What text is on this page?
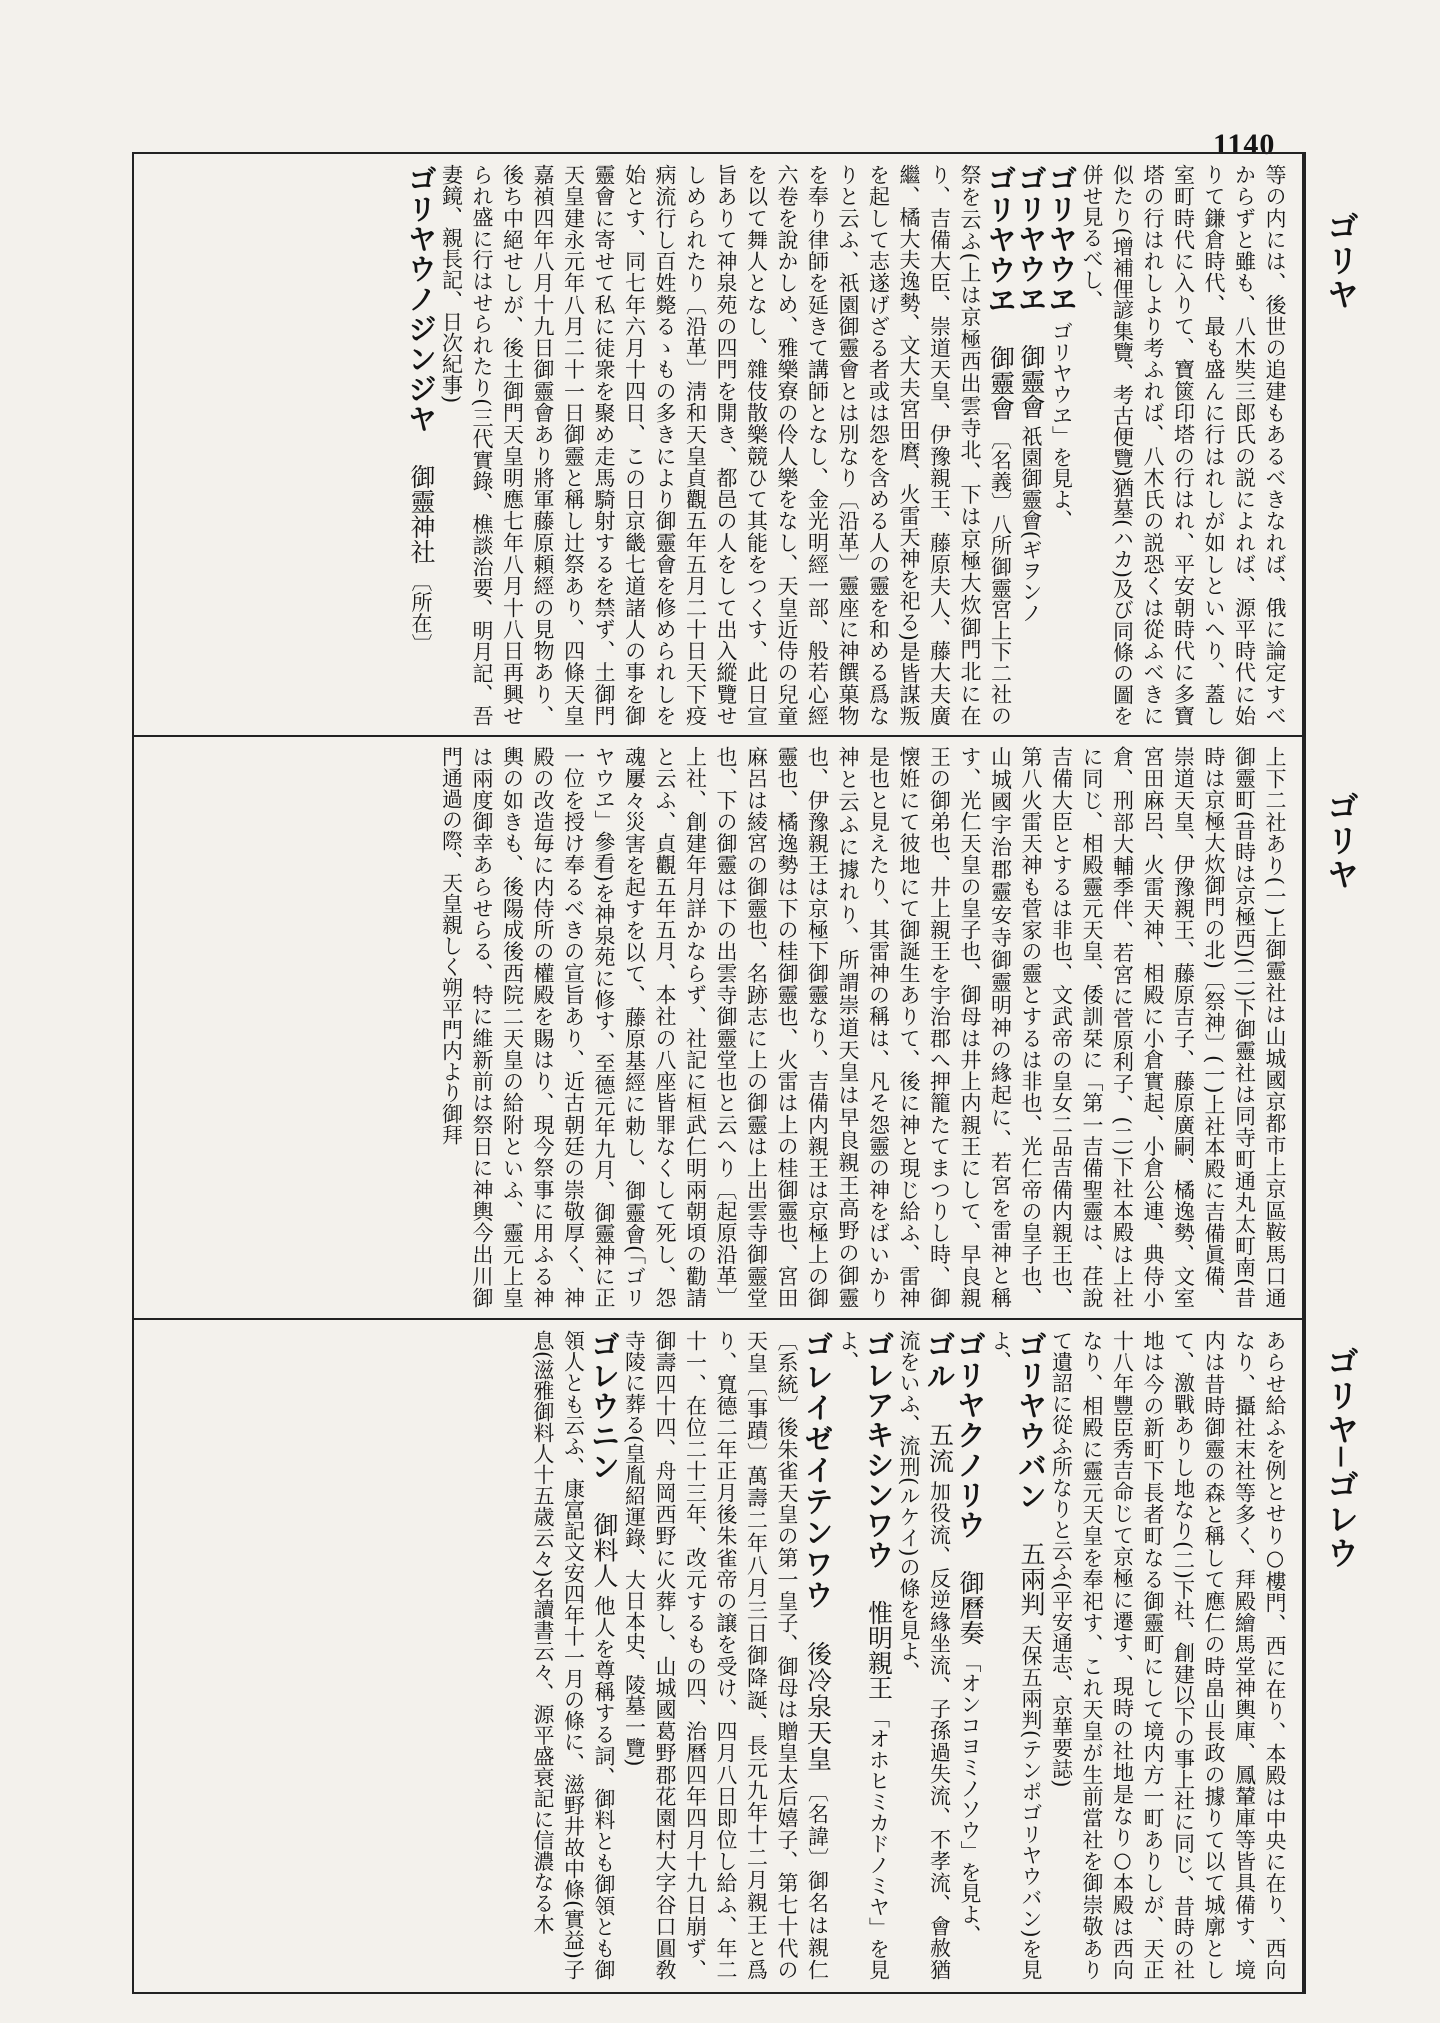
1140
ゴリヤ
ゴリヤ
ゴリヤ─ゴレウ

等の内には、後世の追建もあるべきなれば、俄に論定すべからずと雖も、八木奘三郎氏の説によれば、源平時代に始りて鎌倉時代、最も盛んに行はれしが如しといへり、蓋し室町時代に入りて、寶篋印塔の行はれ、平安朝時代に多寶塔の行はれしより考ふれば、八木氏の説恐くは從ふべきに似たり(增補俚諺集覽、考古便覽)猶墓(ハカ)及び同條の圖を併せ見るべし、

ゴリヤウヱ ゴリヤウヱ」を見よ、

ゴリヤウヱ御靈會 祇園御靈會(ギヲンノ

ゴリヤウヱ御靈會 〔名義〕八所御靈宮上下二社の祭を云ふ(上は京極西出雲寺北、下は京極大炊御門北に在り、吉備大臣、崇道天皇、伊豫親王、藤原夫人、藤大夫廣繼、橘大夫逸勢、文大夫宮田麿、火雷天神を祀る)是皆謀叛を起して志遂げざる者或は怨を含める人の靈を和める爲なりと云ふ、祇園御靈會とは別なり〔沿革〕靈座に神饌菓物を奉り律師を延きて講師となし、金光明經一部、般若心經六卷を說かしめ、雅樂寮の伶人樂をなし、天皇近侍の兒童を以て舞人となし、雜伎散樂競ひて其能をつくす、此日宣旨ありて神泉苑の四門を開き、都邑の人をして出入縱覽せしめられたり〔沿革〕淸和天皇貞觀五年五月二十日天下疫病流行し百姓斃るゝもの多きにより御靈會を修められしを始とす、同七年六月十四日、この日京畿七道諸人の事を御靈會に寄せて私に徒衆を聚め走馬騎射するを禁ず、土御門天皇建永元年八月二十一日御靈と稱し辻祭あり、四條天皇嘉禎四年八月十九日御靈會あり將軍藤原頼經の見物あり、後ち中絕せしが、後土御門天皇明應七年八月十八日再興せられ盛に行はせられたり(三代實錄、樵談治要、明月記、吾妻鏡、親長記、日次紀事)

ゴリヤウノジンジヤ御靈神社 〔所在〕

上下二社あり(一)上御靈社は山城國京都市上京區鞍馬口通御靈町(昔時は京極西)(二)下御靈社は同寺町通丸太町南(昔時は京極大炊御門の北)〔祭神〕(一)上社本殿に吉備眞備、崇道天皇、伊豫親王、藤原吉子、藤原廣嗣、橘逸勢、文室宮田麻呂、火雷天神、相殿に小倉實起、小倉公連、典侍小倉、刑部大輔季伴、若宮に菅原利子、(二)下社本殿は上社に同じ、相殿靈元天皇、倭訓栞に「第一吉備聖靈は、荏說吉備大臣とするは非也、文武帝の皇女二品吉備内親王也、第八火雷天神も菅家の靈とするは非也、光仁帝の皇子也、山城國宇治郡靈安寺御靈明神の緣起に、若宮を雷神と稱す、光仁天皇の皇子也、御母は井上内親王にして、早良親王の御弟也、井上親王を宇治郡へ押籠たてまつりし時、御懐姙にて彼地にて御誕生ありて、後に神と現じ給ふ、雷神是也と見えたり、其雷神の稱は、凡そ怨靈の神をばいかり神と云ふに據れり、所謂崇道天皇は早良親王高野の御靈也、伊豫親王は京極下御靈なり、吉備内親王は京極上の御靈也、橘逸勢は下の桂御靈也、火雷は上の桂御靈也、宮田麻呂は綾宮の御靈也、名跡志に上の御靈は上出雲寺御靈堂也、下の御靈は下の出雲寺御靈堂也と云へり〔起原沿革〕上社、創建年月詳かならず、社記に桓武仁明兩朝頃の勸請と云ふ、貞觀五年五月、本社の八座皆罪なくして死し、怨魂屢々災害を起すを以て、藤原基經に勅し、御靈會(「ゴリヤウヱ」參看)を神泉苑に修す、至德元年九月、御靈神に正一位を授け奉るべきの宣旨あり、近古朝廷の崇敬厚く、神殿の改造毎に内侍所の權殿を賜はり、現今祭事に用ふる神輿の如きも、後陽成後西院二天皇の給附といふ、靈元上皇は兩度御幸あらせらる、特に維新前は祭日に神輿今出川御門通過の際、天皇親しく朔平門内より御拜

あらせ給ふを例とせり○樓門、西に在り、本殿は中央に在り、西向なり、攝社末社等多く、拜殿繪馬堂神輿庫、鳳輦庫等皆具備す、境内は昔時御靈の森と稱して應仁の時畠山長政の據りて以て城廓として、激戰ありし地なり(二)下社、創建以下の事上社に同じ、昔時の社地は今の新町下長者町なる御靈町にして境内方一町ありしが、天正十八年豐臣秀吉命じて京極に遷す、現時の社地是なり○本殿は西向なり、相殿に靈元天皇を奉祀す、これ天皇が生前當社を御崇敬ありて遺詔に從ふ所なりと云ふ(平安通志、京華要誌)

ゴリヤウバン五兩判 天保五兩判(テンポゴリヤウバン)を見よ、

ゴリヤクノリウ御曆奏 「オンコヨミノソウ」を見よ、

ゴル五流 加役流、反逆緣坐流、子孫過失流、不孝流、會赦猶流をいふ、流刑(ルケイ)の條を見よ、

ゴレアキシンワウ惟明親王 「オホヒミカドノミヤ」を見よ、

ゴレイゼイテンワウ後冷泉天皇 〔名諱〕御名は親仁〔系統〕後朱雀天皇の第一皇子、御母は贈皇太后嬉子、第七十代の天皇〔事蹟〕萬壽二年八月三日御降誕、長元九年十二月親王と爲り、寬德二年正月後朱雀帝の譲を受け、四月八日即位し給ふ、年二十一、在位二十三年、改元するもの四、治曆四年四月十九日崩ず、御壽四十四、舟岡西野に火葬し、山城國葛野郡花園村大字谷口圓敎寺陵に葬る(皇胤紹運錄、大日本史、陵墓一覽)

ゴレウニン御料人 他人を尊稱する詞、御料とも御領とも御領人とも云ふ、康富記文安四年十一月の條に、滋野井故中條(實益)子息(滋雅御料人十五歳云々)名讀書云々、源平盛衰記に信濃なる木
